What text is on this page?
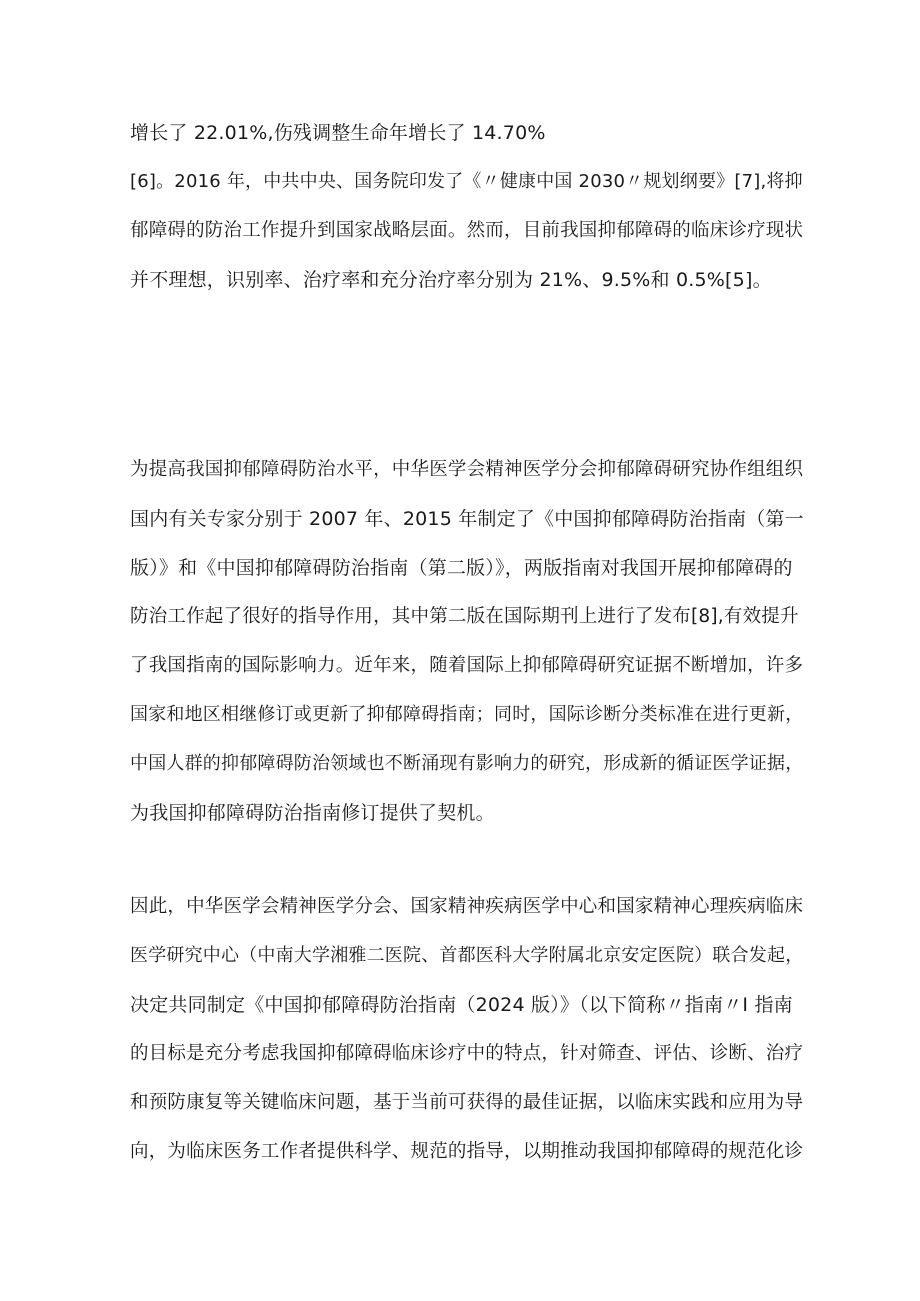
增长了 22.01%,伤残调整生命年增长了 14.70%
[6]。2016 年，中共中央、国务院印发了《〃健康中国 2030〃规划纲要》[7],将抑
郁障碍的防治工作提升到国家战略层面。然而，目前我国抑郁障碍的临床诊疗现状
并不理想，识别率、治疗率和充分治疗率分别为 21%、9.5%和 0.5%[5]。
为提高我国抑郁障碍防治水平，中华医学会精神医学分会抑郁障碍研究协作组组织
国内有关专家分别于 2007 年、2015 年制定了《中国抑郁障碍防治指南（第一
版）》和《中国抑郁障碍防治指南（第二版）》，两版指南对我国开展抑郁障碍的
防治工作起了很好的指导作用，其中第二版在国际期刊上进行了发布[8],有效提升
了我国指南的国际影响力。近年来，随着国际上抑郁障碍研究证据不断增加，许多
国家和地区相继修订或更新了抑郁障碍指南；同时，国际诊断分类标准在进行更新，
中国人群的抑郁障碍防治领域也不断涌现有影响力的研究，形成新的循证医学证据，
为我国抑郁障碍防治指南修订提供了契机。
因此，中华医学会精神医学分会、国家精神疾病医学中心和国家精神心理疾病临床
医学研究中心（中南大学湘雅二医院、首都医科大学附属北京安定医院）联合发起，
决定共同制定《中国抑郁障碍防治指南（2024 版）》（以下简称〃指南〃I 指南
的目标是充分考虑我国抑郁障碍临床诊疗中的特点，针对筛查、评估、诊断、治疗
和预防康复等关键临床问题，基于当前可获得的最佳证据，以临床实践和应用为导
向，为临床医务工作者提供科学、规范的指导，以期推动我国抑郁障碍的规范化诊
